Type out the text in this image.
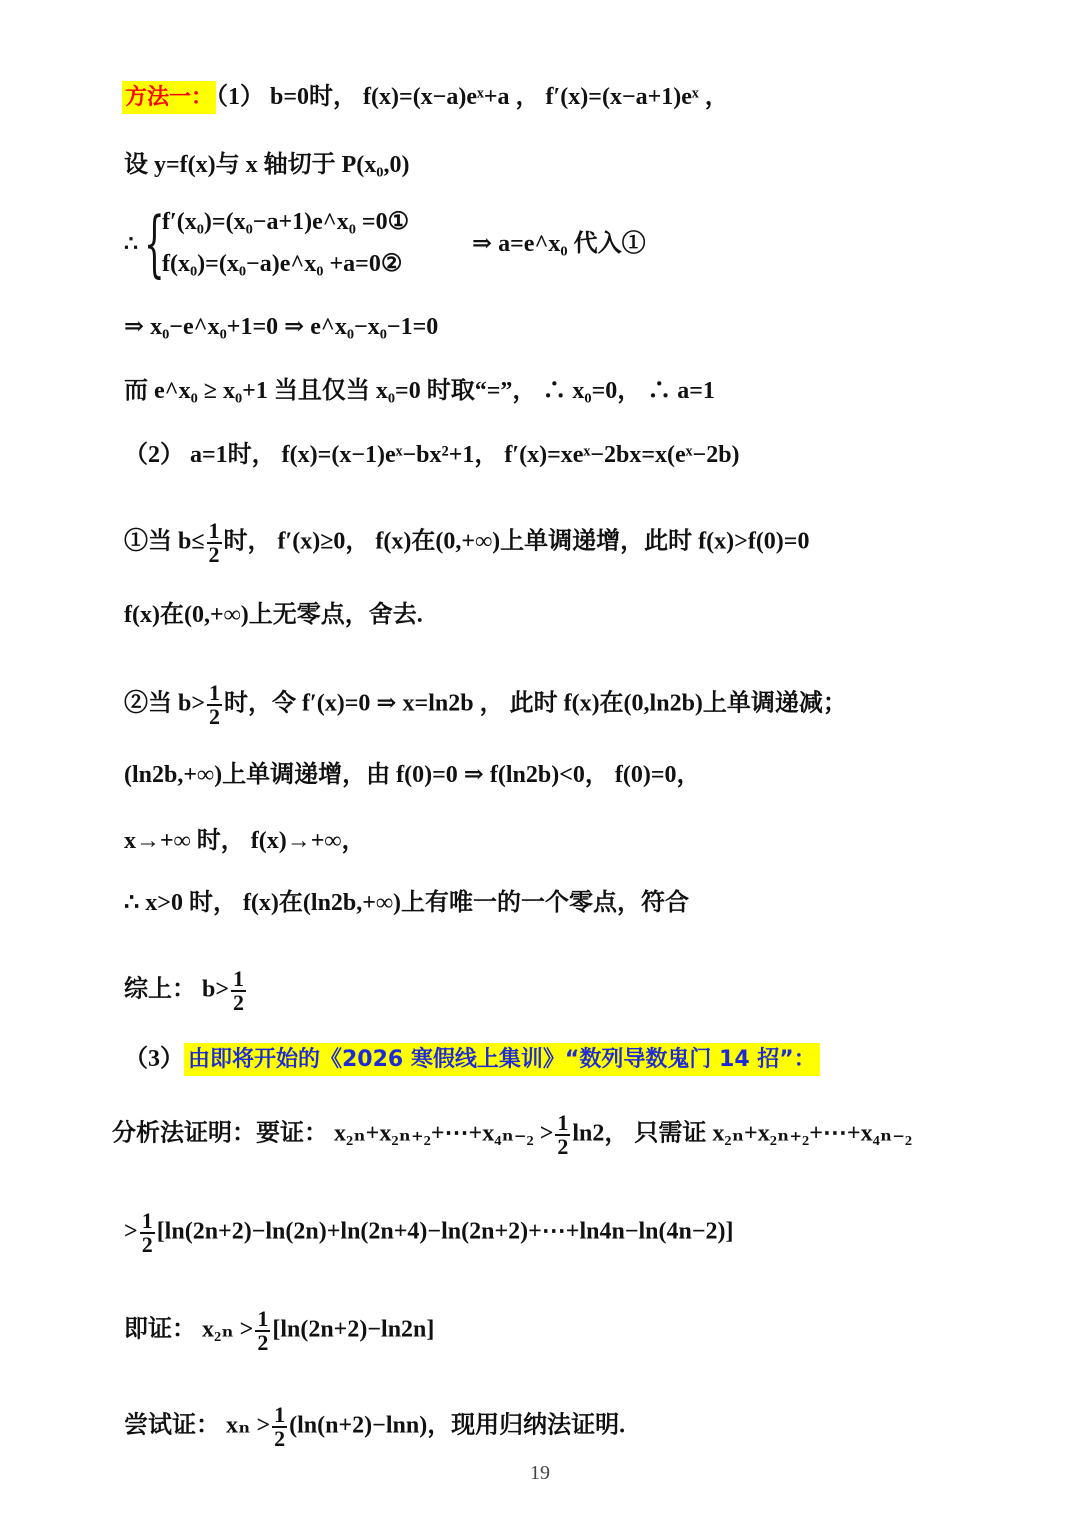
方法一： （1） b=0时， f(x)=(x−a)eˣ+a ， f′(x)=(x−a+1)eˣ ，
设 y=f(x)与 x 轴切于 P(x₀,0)
∴ {
f′(x₀)=(x₀−a+1)e^x₀ =0①
f(x₀)=(x₀−a)e^x₀ +a=0②
⇒ a=e^x₀ 代入①
⇒ x₀−e^x₀+1=0 ⇒ e^x₀−x₀−1=0
而 e^x₀ ≥ x₀+1 当且仅当 x₀=0 时取“=”， ∴ x₀=0， ∴ a=1
（2） a=1时， f(x)=(x−1)eˣ−bx²+1， f′(x)=xeˣ−2bx=x(eˣ−2b)
①当 $b\le \frac{1}{2}$ 时， f′(x)≥0， f(x)在(0,+∞)上单调递增，此时 f(x)>f(0)=0
f(x)在(0,+∞)上无零点，舍去.
②当 $b> \frac{1}{2}$ 时，令 f′(x)=0 ⇒ x=ln2b ， 此时 f(x)在(0,ln2b)上单调递减；
(ln2b,+∞)上单调递增，由 f(0)=0 ⇒ f(ln2b)<0， f(0)=0，
x→+∞ 时， f(x)→+∞，
∴ x>0 时， f(x)在(ln2b,+∞)上有唯一的一个零点，符合
综上： $b> \frac{1}{2}$
（3） 由即将开始的《2026 寒假线上集训》“数列导数鬼门 14 招”：
分析法证明：要证： x₂ₙ+x₂ₙ₊₂+⋯+x₄ₙ₋₂ > $\frac{1}{2} \ln 2$， 只需证 x₂ₙ+x₂ₙ₊₂+⋯+x₄ₙ₋₂
> $\frac{1}{2}$ [ln(2n+2)−ln(2n)+ln(2n+4)−ln(2n+2)+⋯+ln4n−ln(4n−2)]
即证： $x_{2n} > \frac{1}{2} [\ln(2n+2)-\ln 2n]$
尝试证： $x_n > \frac{1}{2} (\ln(n+2)-\ln n)$，现用归纳法证明.
19
